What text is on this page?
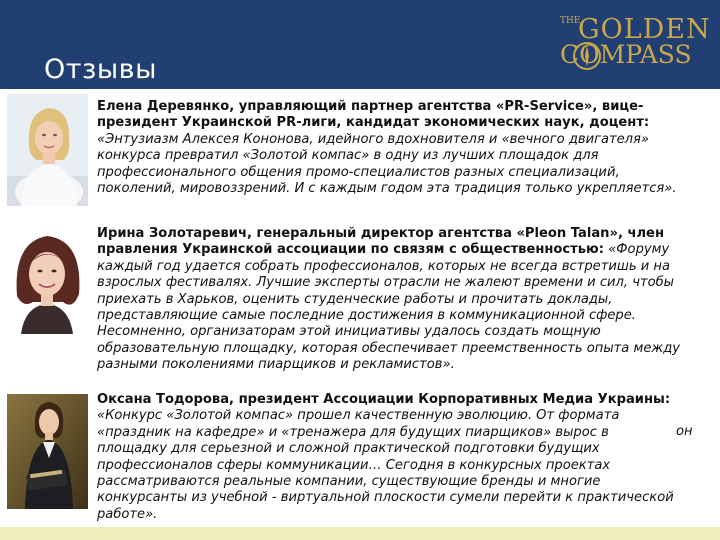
Отзывы
THE
GOLDEN
COMPASS
Елена Деревянко, управляющий партнер агентства «PR-Service», вице-президент Украинской PR-лиги, кандидат экономических наук, доцент: «Энтузиазм Алексея Кононова, идейного вдохновителя и «вечного двигателя» конкурса превратил «Золотой компас» в одну из лучших площадок для профессионального общения промо-специалистов разных специализаций, поколений, мировоззрений. И с каждым годом эта традиция только укрепляется».
Ирина Золотаревич, генеральный директор агентства «Pleon Talan», член правления Украинской ассоциации по связям с общественностью: «Форуму каждый год удается собрать профессионалов, которых не всегда встретишь и на взрослых фестивалях. Лучшие эксперты отрасли не жалеют времени и сил, чтобы приехать в Харьков, оценить студенческие работы и прочитать доклады, представляющие самые последние достижения в коммуникационной сфере. Несомненно, организаторам этой инициативы удалось создать мощную образовательную площадку, которая обеспечивает преемственность опыта между разными поколениями пиарщиков и рекламистов».
Оксана Тодорова, президент Ассоциации Корпоративных Медиа Украины: «Конкурс «Золотой компас» прошел качественную эволюцию. От формата «праздник на кафедре» и «тренажера для будущих пиарщиков» вырос в площадку для серьезной и сложной практической подготовки будущих профессионалов сферы коммуникации… Сегодня в конкурсных проектах рассматриваются реальные компании, существующие бренды и многие конкурсанты из учебной - виртуальной плоскости сумели перейти к практической работе».
он
